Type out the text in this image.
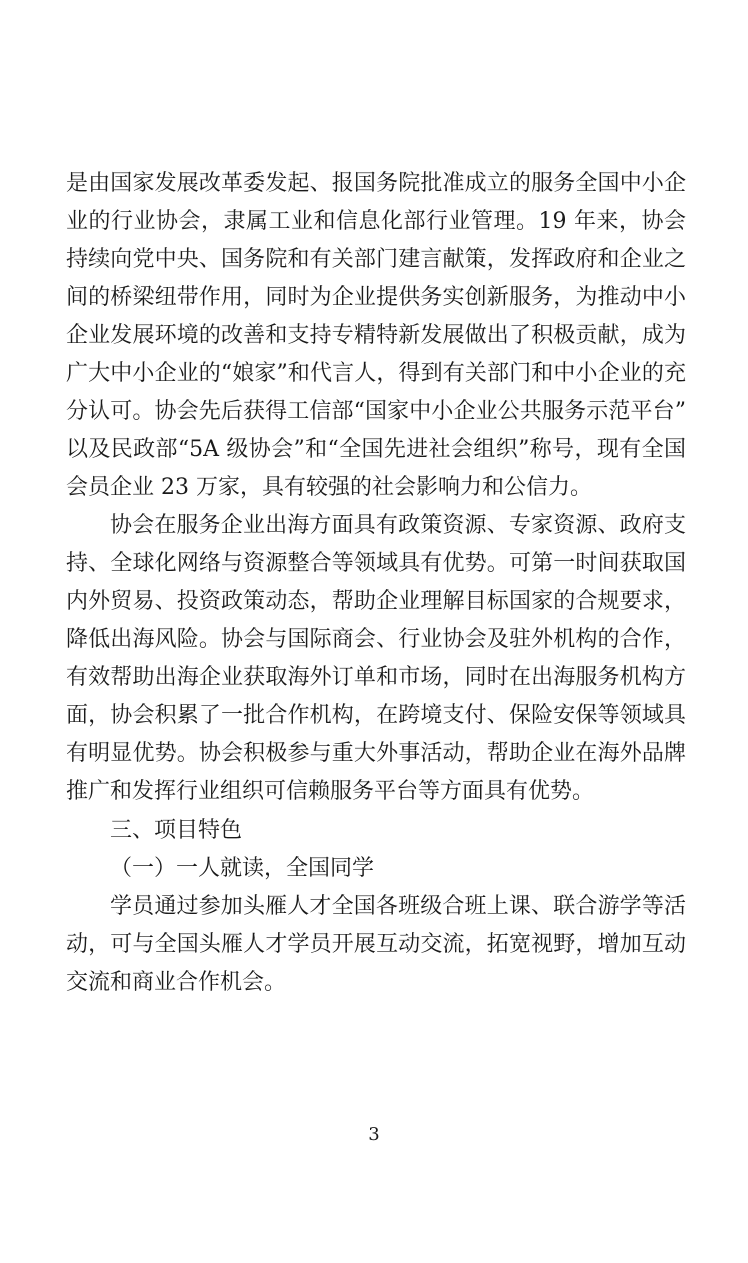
是由国家发展改革委发起、报国务院批准成立的服务全国中小企
业的行业协会，隶属工业和信息化部行业管理。19 年来，协会
持续向党中央、国务院和有关部门建言献策，发挥政府和企业之
间的桥梁纽带作用，同时为企业提供务实创新服务，为推动中小
企业发展环境的改善和支持专精特新发展做出了积极贡献，成为
广大中小企业的“娘家”和代言人，得到有关部门和中小企业的充
分认可。协会先后获得工信部“国家中小企业公共服务示范平台”
以及民政部“5A 级协会”和“全国先进社会组织”称号，现有全国
会员企业 23 万家，具有较强的社会影响力和公信力。
协会在服务企业出海方面具有政策资源、专家资源、政府支
持、全球化网络与资源整合等领域具有优势。可第一时间获取国
内外贸易、投资政策动态，帮助企业理解目标国家的合规要求，
降低出海风险。协会与国际商会、行业协会及驻外机构的合作，
有效帮助出海企业获取海外订单和市场，同时在出海服务机构方
面，协会积累了一批合作机构，在跨境支付、保险安保等领域具
有明显优势。协会积极参与重大外事活动，帮助企业在海外品牌
推广和发挥行业组织可信赖服务平台等方面具有优势。
三、项目特色
（一）一人就读，全国同学
学员通过参加头雁人才全国各班级合班上课、联合游学等活
动，可与全国头雁人才学员开展互动交流，拓宽视野，增加互动
交流和商业合作机会。
3
